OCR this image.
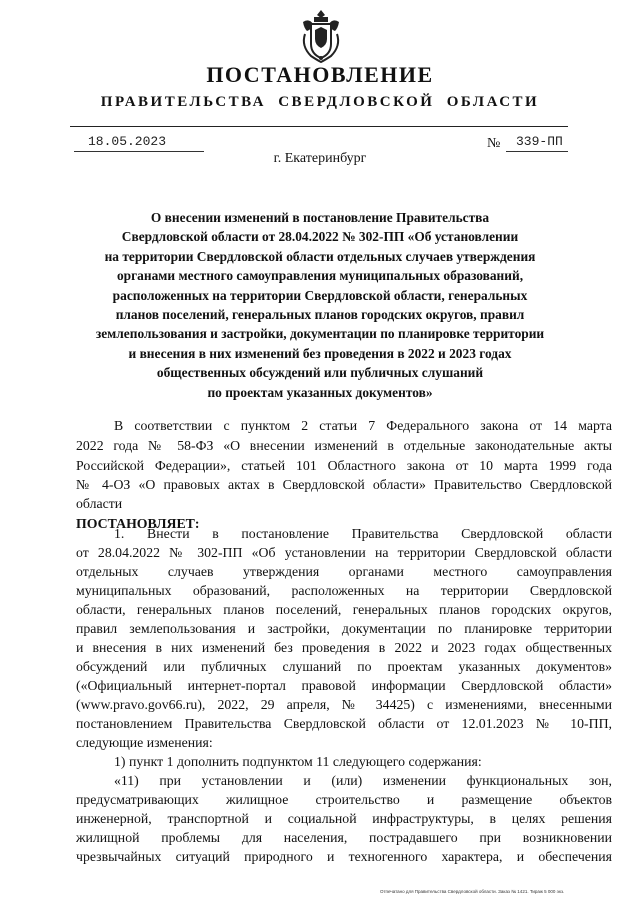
ПОСТАНОВЛЕНИЕ
ПРАВИТЕЛЬСТВА СВЕРДЛОВСКОЙ ОБЛАСТИ
18.05.2023	№ 339-ПП
г. Екатеринбург
О внесении изменений в постановление Правительства
Свердловской области от 28.04.2022 № 302-ПП «Об установлении
на территории Свердловской области отдельных случаев утверждения
органами местного самоуправления муниципальных образований,
расположенных на территории Свердловской области, генеральных
планов поселений, генеральных планов городских округов, правил
землепользования и застройки, документации по планировке территории
и внесения в них изменений без проведения в 2022 и 2023 годах
общественных обсуждений или публичных слушаний
по проектам указанных документов»
В соответствии с пунктом 2 статьи 7 Федерального закона от 14 марта
2022 года № 58-ФЗ «О внесении изменений в отдельные законодательные акты
Российской Федерации», статьей 101 Областного закона от 10 марта 1999 года
№ 4-ОЗ «О правовых актах в Свердловской области» Правительство Свердловской
области
ПОСТАНОВЛЯЕТ:
1. Внести в постановление Правительства Свердловской области
от 28.04.2022 № 302-ПП «Об установлении на территории Свердловской области
отдельных случаев утверждения органами местного самоуправления
муниципальных образований, расположенных на территории Свердловской
области, генеральных планов поселений, генеральных планов городских округов,
правил землепользования и застройки, документации по планировке территории
и внесения в них изменений без проведения в 2022 и 2023 годах общественных
обсуждений или публичных слушаний по проектам указанных документов»
(«Официальный интернет-портал правовой информации Свердловской области»
(www.pravo.gov66.ru), 2022, 29 апреля, № 34425) с изменениями, внесенными
постановлением Правительства Свердловской области от 12.01.2023 № 10-ПП,
следующие изменения:
1) пункт 1 дополнить подпунктом 11 следующего содержания:
«11) при установлении и (или) изменении функциональных зон,
предусматривающих жилищное строительство и размещение объектов
инженерной, транспортной и социальной инфраструктуры, в целях решения
жилищной проблемы для населения, пострадавшего при возникновении
чрезвычайных ситуаций природного и техногенного характера, и обеспечения
Отпечатано для Правительства Свердловской области. Заказ № 1421. Тираж 5 000 экз.
